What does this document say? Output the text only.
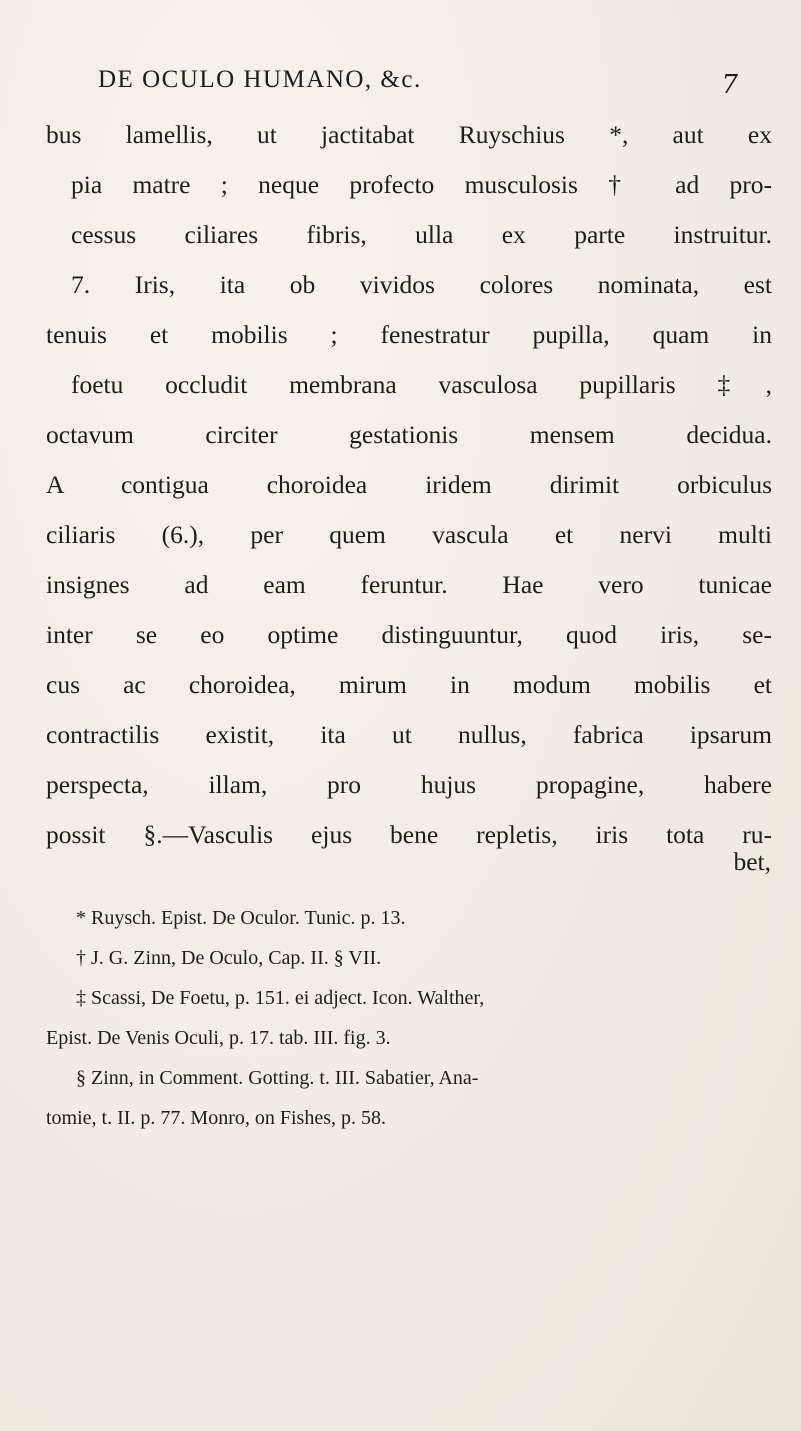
DE OCULO HUMANO, &c.	7
bus lamellis, ut jactitabat Ruyschius *, aut ex
pia matre ; neque profecto musculosis † ad pro-
cessus ciliares fibris, ulla ex parte instruitur.
7. Iris, ita ob vividos colores nominata, est
tenuis et mobilis ; fenestratur pupilla, quam in
foetu occludit membrana vasculosa pupillaris ‡,
octavum circiter gestationis mensem decidua.
A contigua choroidea iridem dirimit orbiculus
ciliaris (6.), per quem vascula et nervi multi
insignes ad eam feruntur. Hae vero tunicae
inter se eo optime distinguuntur, quod iris, se-
cus ac choroidea, mirum in modum mobilis et
contractilis existit, ita ut nullus, fabrica ipsarum
perspecta, illam, pro hujus propagine, habere
possit §.—Vasculis ejus bene repletis, iris tota ru-
bet,
* Ruysch. Epist. De Oculor. Tunic. p. 13.
† J. G. Zinn, De Oculo, Cap. II. § VII.
‡ Scassi, De Foetu, p. 151. ei adject. Icon. Walther,
Epist. De Venis Oculi, p. 17. tab. III. fig. 3.
§ Zinn, in Comment. Gotting. t. III. Sabatier, Ana-
tomie, t. II. p. 77. Monro, on Fishes, p. 58.
